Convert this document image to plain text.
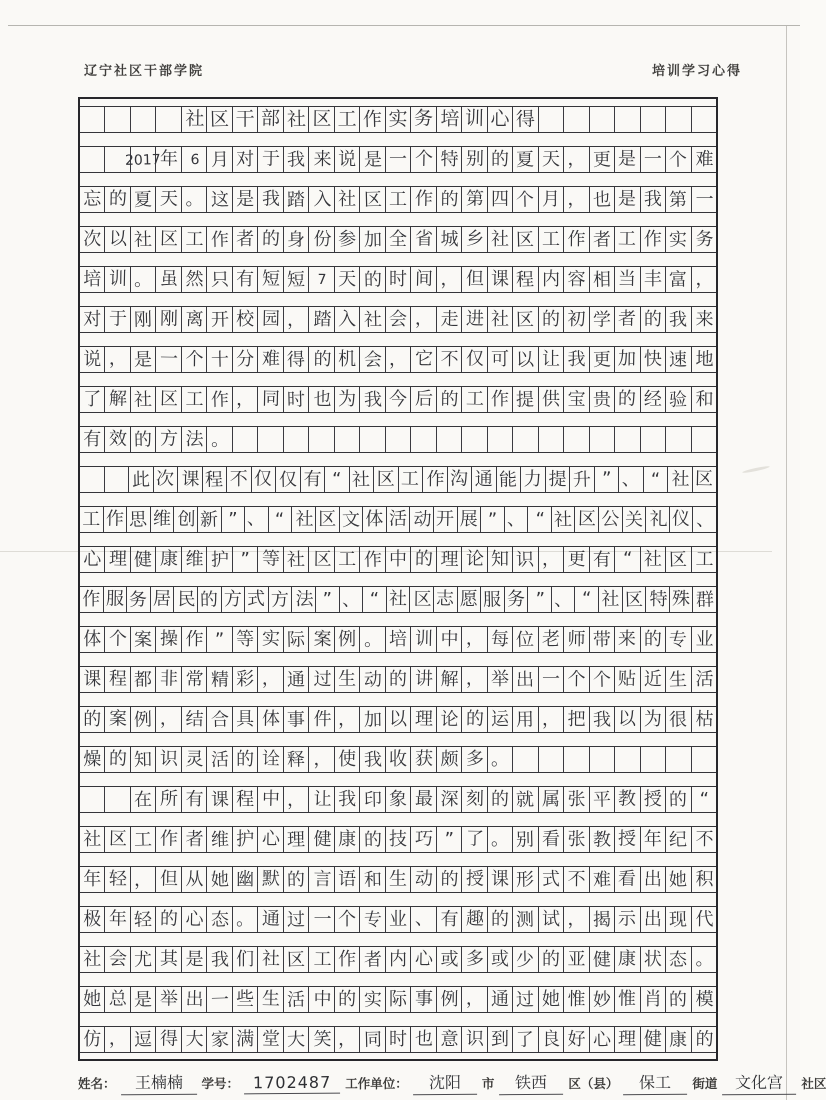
辽宁社区干部学院	培训学习心得
社 区 干 部 社 区 工 作 实 务 培 训 心 得
2017
年 6 月 对 于 我 来 说 是 一 个 特 别 的 夏 天 ， 更 是 一 个 难
忘 的 夏 天 。 这 是 我 踏 入 社 区 工 作 的 第 四 个 月 ， 也 是 我 第 一
次 以 社 区 工 作 者 的 身 份 参 加 全 省 城 乡 社 区 工 作 者 工 作 实 务
培 训 。 虽 然 只 有 短 短 7 天 的 时 间 ， 但 课 程 内 容 相 当 丰 富 ，
对 于 刚 刚 离 开 校 园 ， 踏 入 社 会 ， 走 进 社 区 的 初 学 者 的 我 来
说 ， 是 一 个 十 分 难 得 的 机 会 ， 它 不 仅 可 以 让 我 更 加 快 速 地
了 解 社 区 工 作 ， 同 时 也 为 我 今 后 的 工 作 提 供 宝 贵 的 经 验 和
有 效 的 方 法 。
此 次 课 程 不 仅 仅 有 “ 社 区 工 作 沟 通 能 力 提 升 ” 、 “ 社 区
工 作 思 维 创 新 ” 、 “ 社 区 文 体 活 动 开 展 ” 、 “ 社 区 公 关 礼 仪 、
心 理 健 康 维 护 ” 等 社 区 工 作 中 的 理 论 知 识 ， 更 有 “ 社 区 工
作 服 务 居 民 的 方 式 方 法 ” 、 “ 社 区 志 愿 服 务 ” 、 “ 社 区 特 殊 群
体 个 案 操 作 ” 等 实 际 案 例 。 培 训 中 ， 每 位 老 师 带 来 的 专 业
课 程 都 非 常 精 彩 ， 通 过 生 动 的 讲 解 ， 举 出 一 个 个 贴 近 生 活
的 案 例 ， 结 合 具 体 事 件 ， 加 以 理 论 的 运 用 ， 把 我 以 为 很 枯
燥 的 知 识 灵 活 的 诠 释 ， 使 我 收 获 颇 多 。
在 所 有 课 程 中 ， 让 我 印 象 最 深 刻 的 就 属 张 平 教 授 的 “
社 区 工 作 者 维 护 心 理 健 康 的 技 巧 ” 了 。 别 看 张 教 授 年 纪 不
年 轻 ， 但 从 她 幽 默 的 言 语 和 生 动 的 授 课 形 式 不 难 看 出 她 积
极 年 轻 的 心 态 。 通 过 一 个 专 业 、 有 趣 的 测 试 ， 揭 示 出 现 代
社 会 尤 其 是 我 们 社 区 工 作 者 内 心 或 多 或 少 的 亚 健 康 状 态 。
她 总 是 举 出 一 些 生 活 中 的 实 际 事 例 ， 通 过 她 惟 妙 惟 肖 的 模
仿 ， 逗 得 大 家 满 堂 大 笑 ， 同 时 也 意 识 到 了 良 好 心 理 健 康 的
姓名：	王楠楠	学号： 1702487	工作单位：	沈阳	市	铁西	区（县）	保工	街道	文化宫	社区
